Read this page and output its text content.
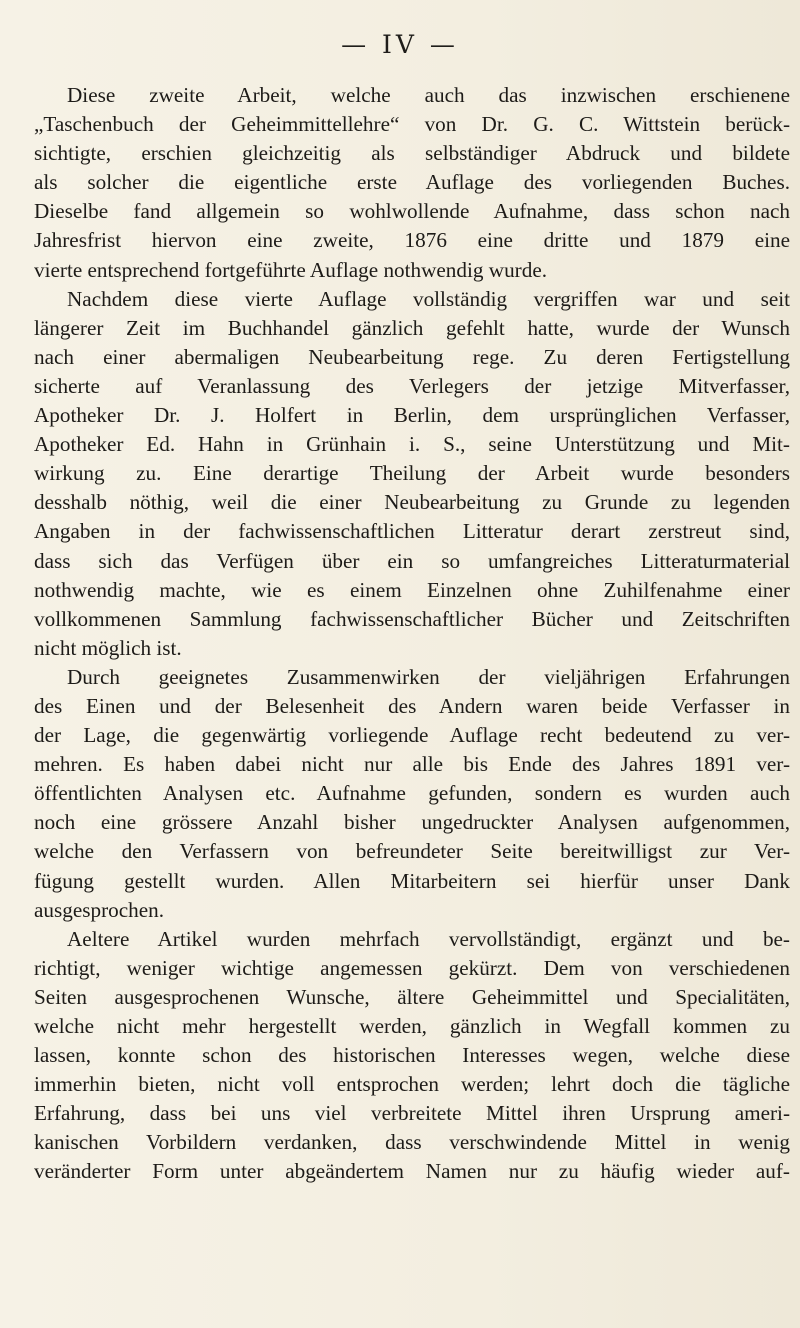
— IV —
Diese zweite Arbeit, welche auch das inzwischen erschienene
„Taschenbuch der Geheimmittellehre“ von Dr. G. C. Wittstein berück-
sichtigte, erschien gleichzeitig als selbständiger Abdruck und bildete
als solcher die eigentliche erste Auflage des vorliegenden Buches.
Dieselbe fand allgemein so wohlwollende Aufnahme, dass schon nach
Jahresfrist hiervon eine zweite, 1876 eine dritte und 1879 eine
vierte entsprechend fortgeführte Auflage nothwendig wurde.
Nachdem diese vierte Auflage vollständig vergriffen war und seit
längerer Zeit im Buchhandel gänzlich gefehlt hatte, wurde der Wunsch
nach einer abermaligen Neubearbeitung rege. Zu deren Fertigstellung
sicherte auf Veranlassung des Verlegers der jetzige Mitverfasser,
Apotheker Dr. J. Holfert in Berlin, dem ursprünglichen Verfasser,
Apotheker Ed. Hahn in Grünhain i. S., seine Unterstützung und Mit-
wirkung zu. Eine derartige Theilung der Arbeit wurde besonders
desshalb nöthig, weil die einer Neubearbeitung zu Grunde zu legenden
Angaben in der fachwissenschaftlichen Litteratur derart zerstreut sind,
dass sich das Verfügen über ein so umfangreiches Litteraturmaterial
nothwendig machte, wie es einem Einzelnen ohne Zuhilfenahme einer
vollkommenen Sammlung fachwissenschaftlicher Bücher und Zeitschriften
nicht möglich ist.
Durch geeignetes Zusammenwirken der vieljährigen Erfahrungen
des Einen und der Belesenheit des Andern waren beide Verfasser in
der Lage, die gegenwärtig vorliegende Auflage recht bedeutend zu ver-
mehren. Es haben dabei nicht nur alle bis Ende des Jahres 1891 ver-
öffentlichten Analysen etc. Aufnahme gefunden, sondern es wurden auch
noch eine grössere Anzahl bisher ungedruckter Analysen aufgenommen,
welche den Verfassern von befreundeter Seite bereitwilligst zur Ver-
fügung gestellt wurden. Allen Mitarbeitern sei hierfür unser Dank
ausgesprochen.
Aeltere Artikel wurden mehrfach vervollständigt, ergänzt und be-
richtigt, weniger wichtige angemessen gekürzt. Dem von verschiedenen
Seiten ausgesprochenen Wunsche, ältere Geheimmittel und Specialitäten,
welche nicht mehr hergestellt werden, gänzlich in Wegfall kommen zu
lassen, konnte schon des historischen Interesses wegen, welche diese
immerhin bieten, nicht voll entsprochen werden; lehrt doch die tägliche
Erfahrung, dass bei uns viel verbreitete Mittel ihren Ursprung ameri-
kanischen Vorbildern verdanken, dass verschwindende Mittel in wenig
veränderter Form unter abgeändertem Namen nur zu häufig wieder auf-
